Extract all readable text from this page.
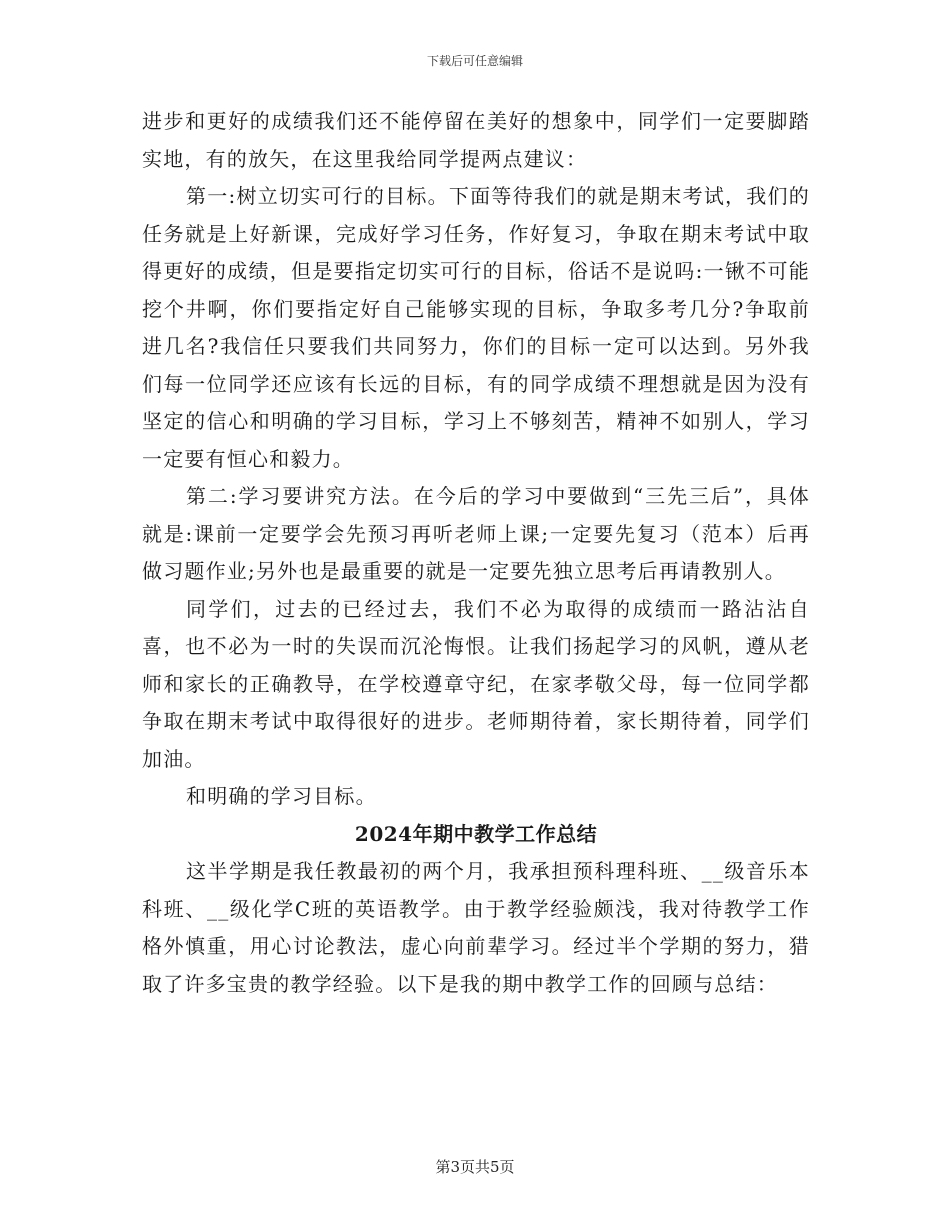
下载后可任意编辑

进步和更好的成绩我们还不能停留在美好的想象中，同学们一定要脚踏实地，有的放矢，在这里我给同学提两点建议：

第一:树立切实可行的目标。下面等待我们的就是期末考试，我们的任务就是上好新课，完成好学习任务，作好复习，争取在期末考试中取得更好的成绩，但是要指定切实可行的目标，俗话不是说吗:一锹不可能挖个井啊，你们要指定好自己能够实现的目标，争取多考几分?争取前进几名?我信任只要我们共同努力，你们的目标一定可以达到。另外我们每一位同学还应该有长远的目标，有的同学成绩不理想就是因为没有坚定的信心和明确的学习目标，学习上不够刻苦，精神不如别人，学习一定要有恒心和毅力。

第二:学习要讲究方法。在今后的学习中要做到“三先三后”，具体就是:课前一定要学会先预习再听老师上课;一定要先复习（范本）后再做习题作业;另外也是最重要的就是一定要先独立思考后再请教别人。

同学们，过去的已经过去，我们不必为取得的成绩而一路沾沾自喜，也不必为一时的失误而沉沦悔恨。让我们扬起学习的风帆，遵从老师和家长的正确教导，在学校遵章守纪，在家孝敬父母，每一位同学都争取在期末考试中取得很好的进步。老师期待着，家长期待着，同学们加油。

和明确的学习目标。

2024年期中教学工作总结

这半学期是我任教最初的两个月，我承担预科理科班、__级音乐本科班、__级化学C班的英语教学。由于教学经验颇浅，我对待教学工作格外慎重，用心讨论教法，虚心向前辈学习。经过半个学期的努力，猎取了许多宝贵的教学经验。以下是我的期中教学工作的回顾与总结：

第3页共5页
